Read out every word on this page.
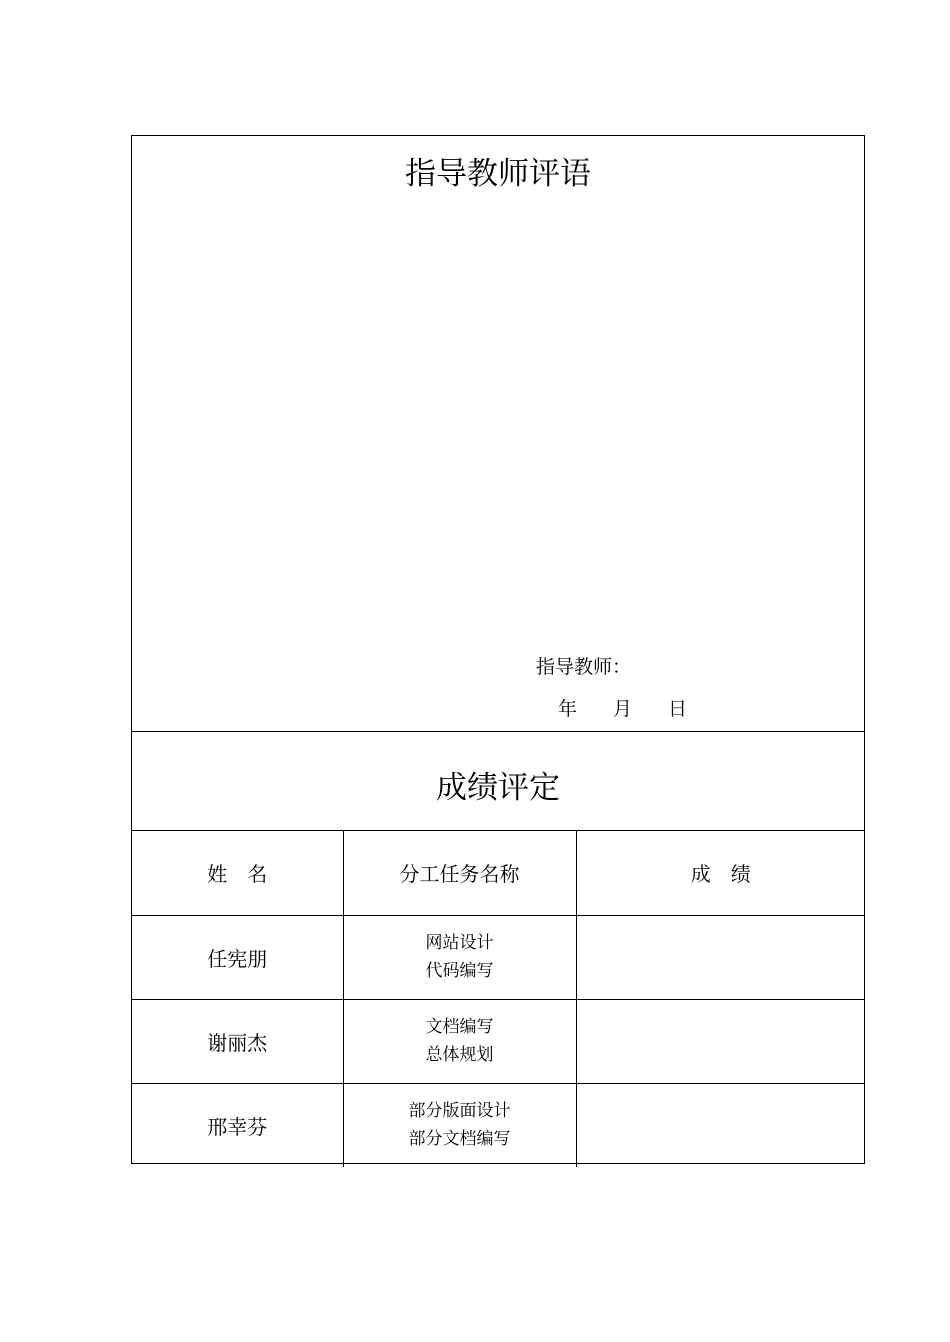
指导教师评语
指导教师：
年 月 日
成绩评定
姓 名	分工任务名称	成 绩
任宪朋	网站设计
代码编写	

谢丽杰	文档编写
总体规划	

邢幸芬	部分版面设计
部分文档编写	
